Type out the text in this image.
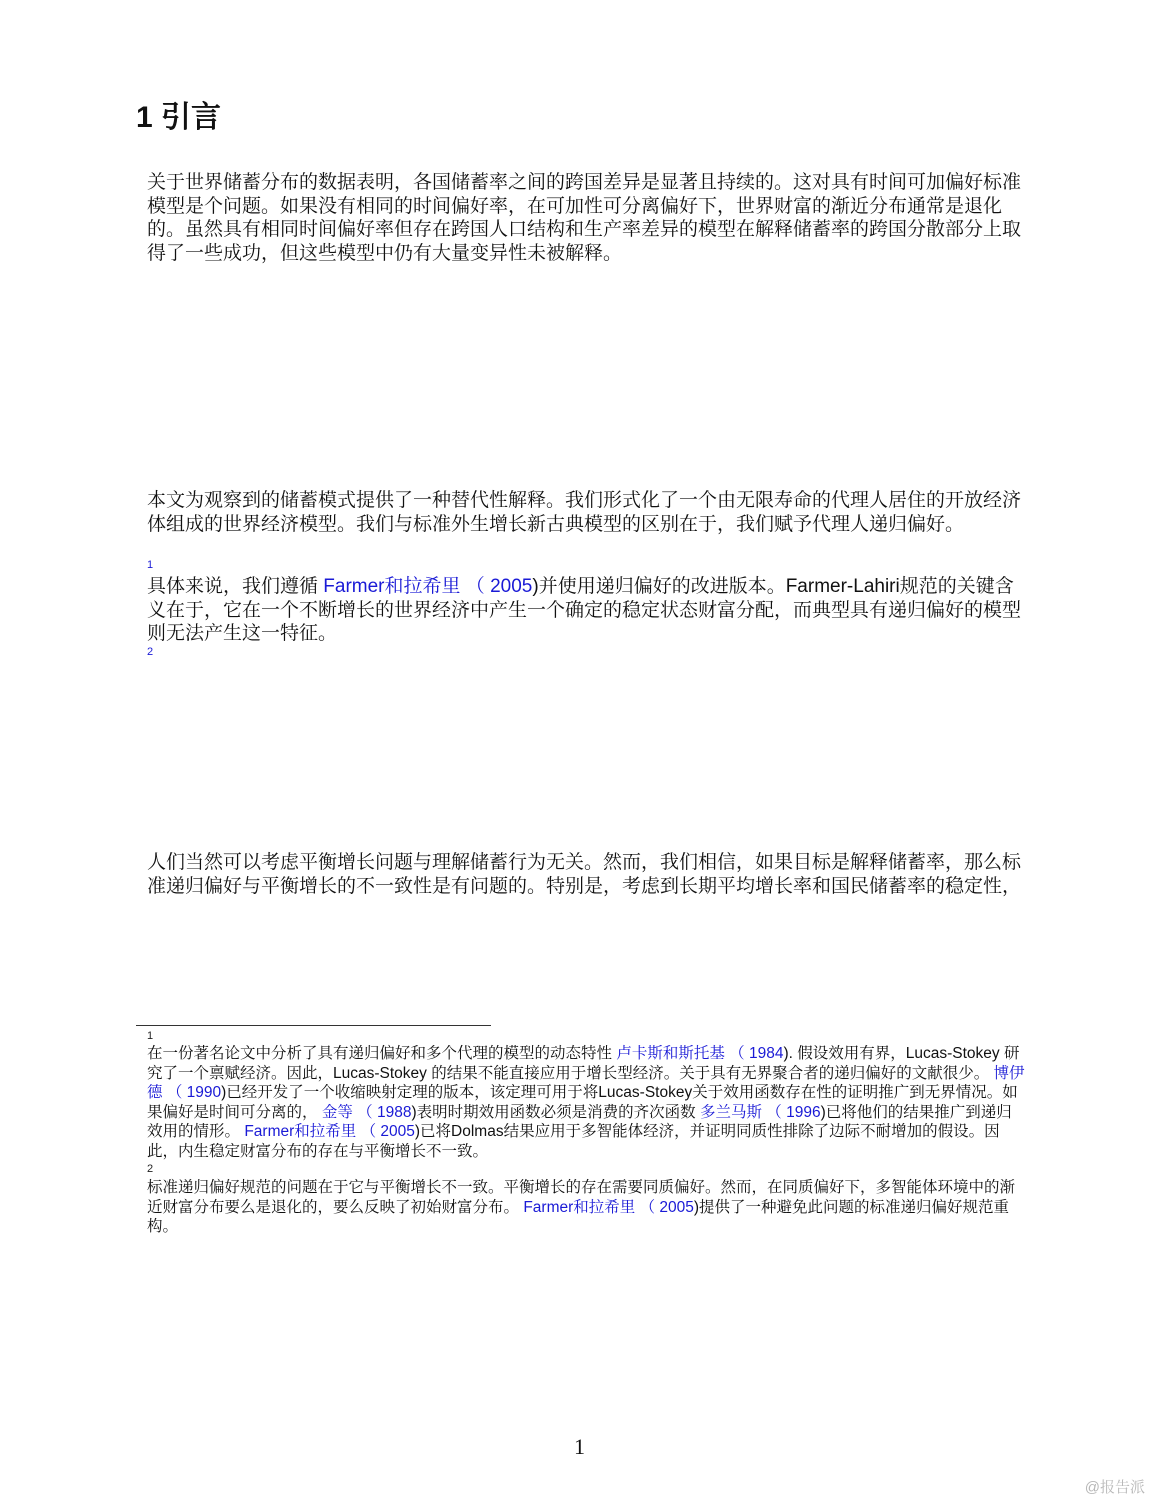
1 引言

关于世界储蓄分布的数据表明，各国储蓄率之间的跨国差异是显著且持续的。这对具有时间可加偏好标准模型是个问题。如果没有相同的时间偏好率，在可加性可分离偏好下，世界财富的渐近分布通常是退化的。虽然具有相同时间偏好率但存在跨国人口结构和生产率差异的模型在解释储蓄率的跨国分散部分上取得了一些成功，但这些模型中仍有大量变异性未被解释。

本文为观察到的储蓄模式提供了一种替代性解释。我们形式化了一个由无限寿命的代理人居住的开放经济体组成的世界经济模型。我们与标准外生增长新古典模型的区别在于，我们赋予代理人递归偏好。

1

具体来说，我们遵循 Farmer和拉希里 （ 2005)并使用递归偏好的改进版本。Farmer-Lahiri规范的关键含义在于，它在一个不断增长的世界经济中产生一个确定的稳定状态财富分配，而典型具有递归偏好的模型则无法产生这一特征。

2

人们当然可以考虑平衡增长问题与理解储蓄行为无关。然而，我们相信，如果目标是解释储蓄率，那么标准递归偏好与平衡增长的不一致性是有问题的。特别是，考虑到长期平均增长率和国民储蓄率的稳定性，

1

在一份著名论文中分析了具有递归偏好和多个代理的模型的动态特性 卢卡斯和斯托基 （ 1984). 假设效用有界，Lucas-Stokey 研究了一个禀赋经济。因此，Lucas-Stokey 的结果不能直接应用于增长型经济。关于具有无界聚合者的递归偏好的文献很少。 博伊德 （ 1990)已经开发了一个收缩映射定理的版本，该定理可用于将Lucas-Stokey关于效用函数存在性的证明推广到无界情况。如果偏好是时间可分离的， 金等 （ 1988)表明时期效用函数必须是消费的齐次函数 多兰马斯 （ 1996)已将他们的结果推广到递归效用的情形。 Farmer和拉希里 （ 2005)已将Dolmas结果应用于多智能体经济，并证明同质性排除了边际不耐增加的假设。因此，内生稳定财富分布的存在与平衡增长不一致。

2

标准递归偏好规范的问题在于它与平衡增长不一致。平衡增长的存在需要同质偏好。然而，在同质偏好下，多智能体环境中的渐近财富分布要么是退化的，要么反映了初始财富分布。 Farmer和拉希里 （ 2005)提供了一种避免此问题的标准递归偏好规范重构。

1
@报告派
